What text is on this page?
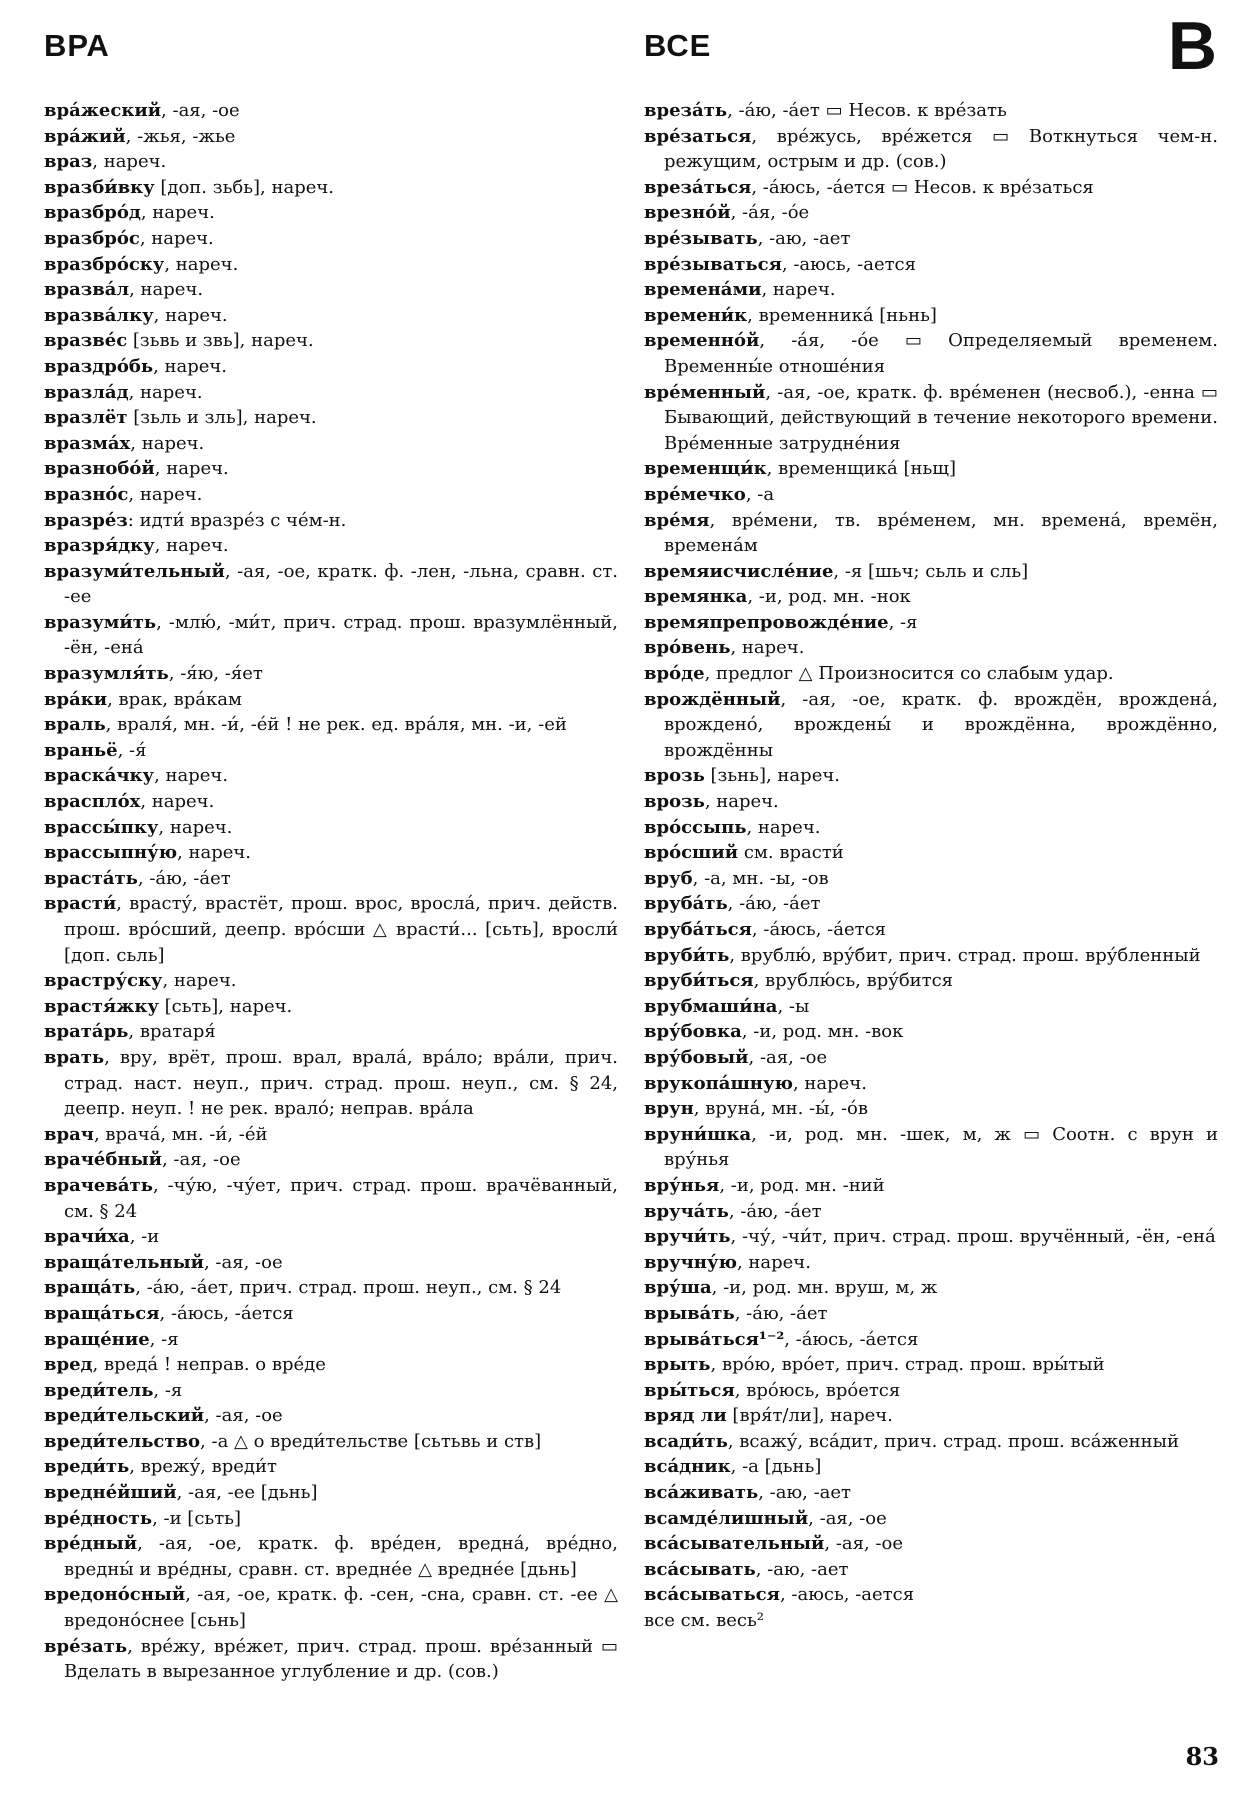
ВРА	ВСЕ	В

вра́жеский, -ая, -ое

вра́жий, -жья, -жье

враз, нареч.

вразби́вку [доп. зьбь], нареч.

вразбро́д, нареч.

вразбро́с, нареч.

вразбро́ску, нареч.

вразва́л, нареч.

вразва́лку, нареч.

вразве́с [зьвь и звь], нареч.

враздро́бь, нареч.

вразла́д, нареч.

вразлёт [зьль и зль], нареч.

вразма́х, нареч.

вразнобо́й, нареч.

вразно́с, нареч.

вразре́з: идти́ вразре́з с че́м-н.

вразря́дку, нареч.

вразуми́тельный, -ая, -ое, кратк. ф. -лен, -льна, сравн. ст. -ее

вразуми́ть, -млю́, -ми́т, прич. страд. прош. вразумлённый, -ён, -ена́

вразумля́ть, -я́ю, -я́ет

вра́ки, врак, вра́кам

враль, враля́, мн. -и́, -е́й ! не рек. ед. вра́ля, мн. -и, -ей

враньё, -я́

враска́чку, нареч.

врасплóх, нареч.

врассы́пку, нареч.

врассыпну́ю, нареч.

враста́ть, -а́ю, -а́ет

врасти́, врасту́, врастёт, прош. врос, вросла́, прич. действ. прош. вро́сший, деепр. вро́сши △ врасти́... [сьть], вросли́ [доп. сьль]

врастру́ску, нареч.

врастя́жку [сьть], нареч.

врата́рь, вратаря́

врать, вру, врёт, прош. врал, врала́, вра́ло; вра́ли, прич. страд. наст. неуп., прич. страд. прош. неуп., см. § 24, деепр. неуп. ! не рек. врало́; неправ. вра́ла

врач, врача́, мн. -и́, -е́й

враче́бный, -ая, -ое

врачева́ть, -чу́ю, -чу́ет, прич. страд. прош. врачёванный, см. § 24

врачи́ха, -и

враща́тельный, -ая, -ое

враща́ть, -а́ю, -а́ет, прич. страд. прош. неуп., см. § 24

враща́ться, -а́юсь, -а́ется

враще́ние, -я

вред, вреда́ ! неправ. о вре́де

вреди́тель, -я

вреди́тельский, -ая, -ое

вреди́тельство, -а △ о вреди́тельстве [сьтьвь и ств]

вреди́ть, врежу́, вреди́т

вредне́йший, -ая, -ее [дьнь]

вре́дность, -и [сьть]

вре́дный, -ая, -ое, кратк. ф. вре́ден, вредна́, вре́дно, вредны́ и вре́дны, сравн. ст. вредне́е △ вредне́е [дьнь]

вредоно́сный, -ая, -ое, кратк. ф. -сен, -сна, сравн. ст. -ее △ вредоно́снее [сьнь]

вре́зать, вре́жу, вре́жет, прич. страд. прош. вре́занный ▭ Вделать в вырезанное углубление и др. (сов.)

вреза́ть, -а́ю, -а́ет ▭ Несов. к вре́зать

вре́заться, вре́жусь, вре́жется ▭ Воткнуться чем-н. режущим, острым и др. (сов.)

вреза́ться, -а́юсь, -а́ется ▭ Несов. к вре́заться

врезно́й, -а́я, -о́е

вре́зывать, -аю, -ает

вре́зываться, -аюсь, -ается

времена́ми, нареч.

времени́к, временника́ [ньнь]

временно́й, -а́я, -о́е ▭ Определяемый временем. Временны́е отноше́ния

вре́менный, -ая, -ое, кратк. ф. вре́менен (несвоб.), -енна ▭ Бывающий, действующий в течение некоторого времени. Вре́менные затрудне́ния

временщи́к, временщика́ [ньщ]

вре́мечко, -а

вре́мя, вре́мени, тв. вре́менем, мн. времена́, времён, времена́м

времяисчисле́ние, -я [шьч; сьль и сль]

времянка, -и, род. мн. -нок

времяпрепровожде́ние, -я

вро́вень, нареч.

вро́де, предлог △ Произносится со слабым удар.

врождённый, -ая, -ое, кратк. ф. врождён, врождена́, врождено́, врождены́ и врождённа, врождённо, врождённы

врозь [зьнь], нареч.

врозь, нареч.

вро́ссыпь, нареч.

вро́сший см. врасти́

вруб, -а, мн. -ы, -ов

вруба́ть, -а́ю, -а́ет

вруба́ться, -а́юсь, -а́ется

вруби́ть, врублю́, вру́бит, прич. страд. прош. вру́бленный

вруби́ться, врублю́сь, вру́бится

врубмаши́на, -ы

вру́бовка, -и, род. мн. -вок

вру́бовый, -ая, -ое

врукопа́шную, нареч.

врун, вруна́, мн. -ы́, -о́в

вруни́шка, -и, род. мн. -шек, м, ж ▭ Соотн. с врун и вру́нья

вру́нья, -и, род. мн. -ний

вруча́ть, -а́ю, -а́ет

вручи́ть, -чу́, -чи́т, прич. страд. прош. вручённый, -ён, -ена́

вручну́ю, нареч.

вру́ша, -и, род. мн. вруш, м, ж

врыва́ть, -а́ю, -а́ет

врыва́ться¹⁻², -а́юсь, -а́ется

врыть, вро́ю, вро́ет, прич. страд. прош. вры́тый

вры́ться, вро́юсь, вро́ется

вряд ли [вря́т/ли], нареч.

всади́ть, всажу́, вса́дит, прич. страд. прош. вса́женный

вса́дник, -а [дьнь]

вса́живать, -аю, -ает

всамде́лишный, -ая, -ое

вса́сывательный, -ая, -ое

вса́сывать, -аю, -ает

вса́сываться, -аюсь, -ается

все см. весь²

83
